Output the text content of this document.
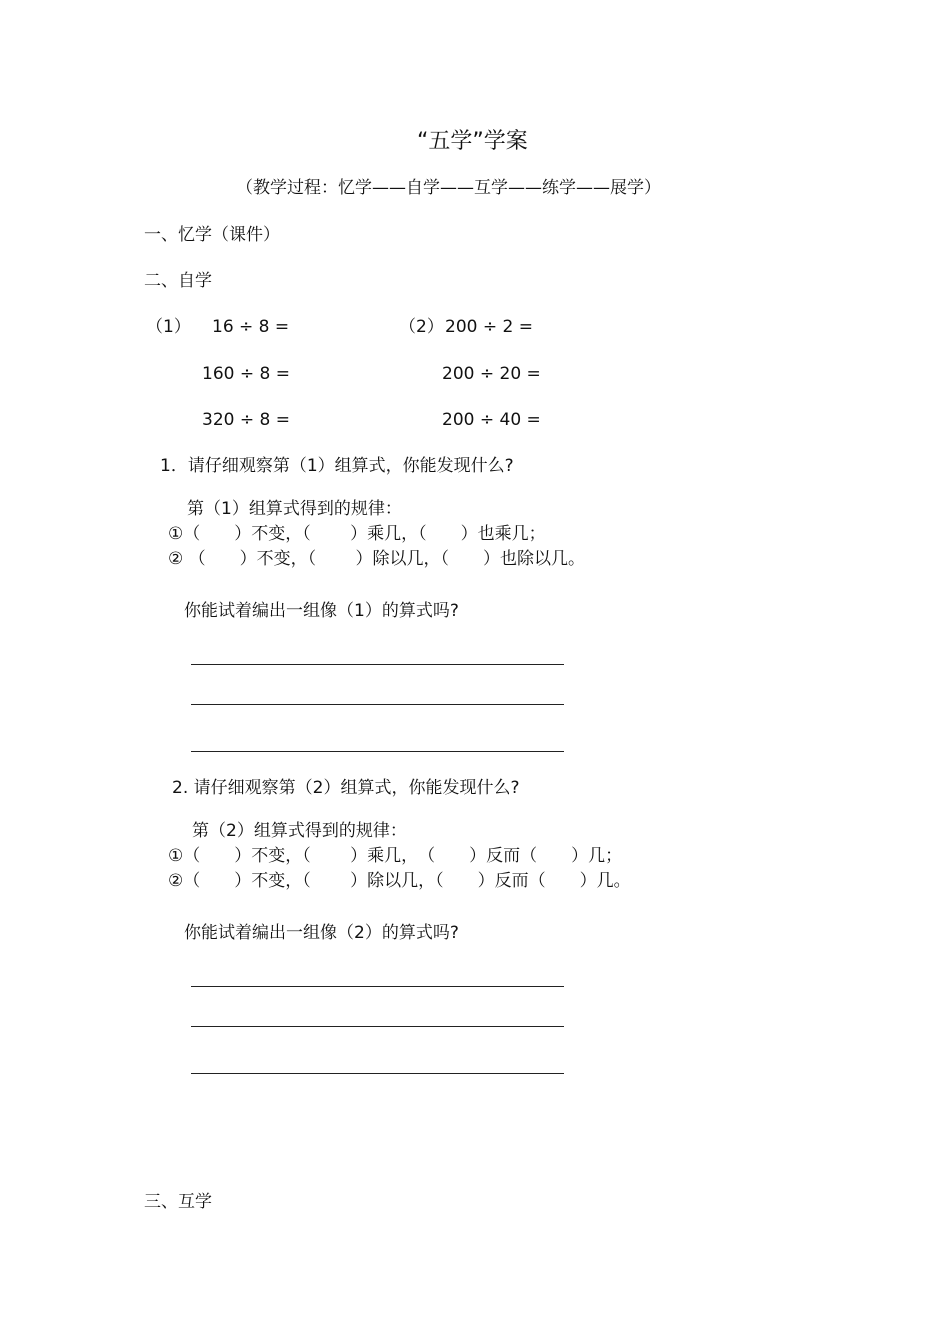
“五学”学案
（教学过程：忆学——自学——互学——练学——展学）
一、忆学（课件）
二、自学
（1） 16 ÷ 8 =
160 ÷ 8 =
320 ÷ 8 =
（2） 200 ÷ 2 =
200 ÷ 20 =
200 ÷ 40 =
1．请仔细观察第（1）组算式，你能发现什么?
第（1）组算式得到的规律：
①（　　）不变，（　　 ）乘几，（　　）也乘几；
② （　　）不变，（　　 ）除以几，（　　）也除以几。
你能试着编出一组像（1）的算式吗?
2. 请仔细观察第（2）组算式，你能发现什么?
第（2）组算式得到的规律：
①（　　）不变，（　　 ）乘几，　（　　）反而（　　）几；
②（　　）不变，（　　 ）除以几，（　　）反而（　　）几。
你能试着编出一组像（2）的算式吗?
三、互学
